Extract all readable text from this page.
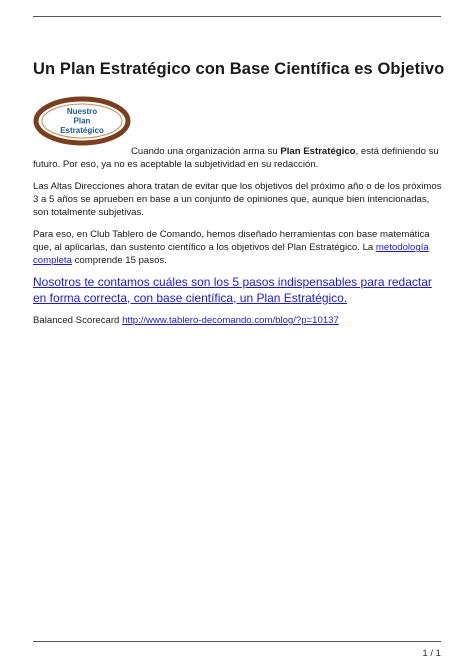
Un Plan Estratégico con Base Científica es Objetivo
Nuestro
Plan
Estratégico
Cuando una organización arma su Plan Estratégico, está definiendo su futuro. Por eso, ya no es aceptable la subjetividad en su redacción.
Las Altas Direcciones ahora tratan de evitar que los objetivos del próximo año o de los próximos 3 a 5 años se aprueben en base a un conjunto de opiniones que, aunque bien intencionadas, son totalmente subjetivas.
Para eso, en Club Tablero de Comando, hemos diseñado herramientas con base matemática que, al aplicarlas, dan sustento científico a los objetivos del Plan Estratégico. La metodología completa comprende 15 pasos.
Nosotros te contamos cuáles son los 5 pasos indispensables para redactar en forma correcta, con base científica, un Plan Estratégico.
Balanced Scorecard http://www.tablero-decomando.com/blog/?p=10137
1 / 1
